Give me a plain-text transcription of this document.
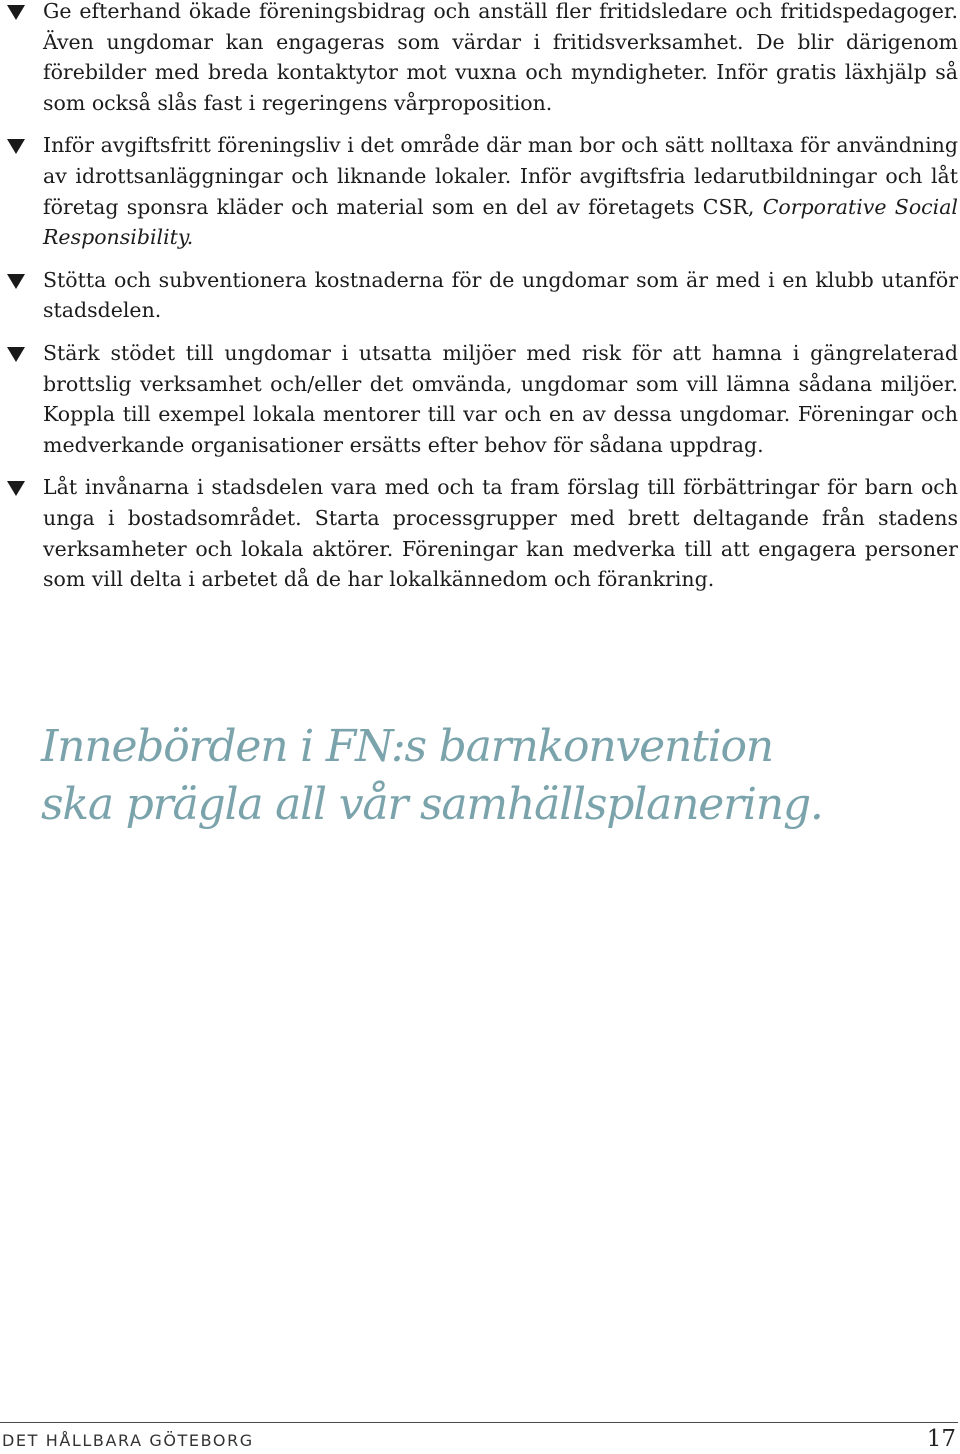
Ge efterhand ökade föreningsbidrag och anställ fler fritidsledare och fritidspedagoger. Även ungdomar kan engageras som värdar i fritidsverksamhet. De blir därigenom förebilder med breda kontaktytor mot vuxna och myndigheter. Inför gratis läxhjälp så som också slås fast i regeringens vårproposition.
Inför avgiftsfritt föreningsliv i det område där man bor och sätt nolltaxa för användning av idrottsanläggningar och liknande lokaler. Inför avgiftsfria ledarutbildningar och låt företag sponsra kläder och material som en del av företagets CSR, Corporative Social Responsibility.
Stötta och subventionera kostnaderna för de ungdomar som är med i en klubb utanför stadsdelen.
Stärk stödet till ungdomar i utsatta miljöer med risk för att hamna i gängrelaterad brottslig verksamhet och/eller det omvända, ungdomar som vill lämna sådana miljöer. Koppla till exempel lokala mentorer till var och en av dessa ungdomar. Föreningar och medverkande organisationer ersätts efter behov för sådana uppdrag.
Låt invånarna i stadsdelen vara med och ta fram förslag till förbättringar för barn och unga i bostadsområdet. Starta processgrupper med brett deltagande från stadens verksamheter och lokala aktörer. Föreningar kan medverka till att engagera personer som vill delta i arbetet då de har lokalkännedom och förankring.

Innebörden i FN:s barnkonvention
ska prägla all vår samhällsplanering.

DET HÅLLBARA GÖTEBORG	17
